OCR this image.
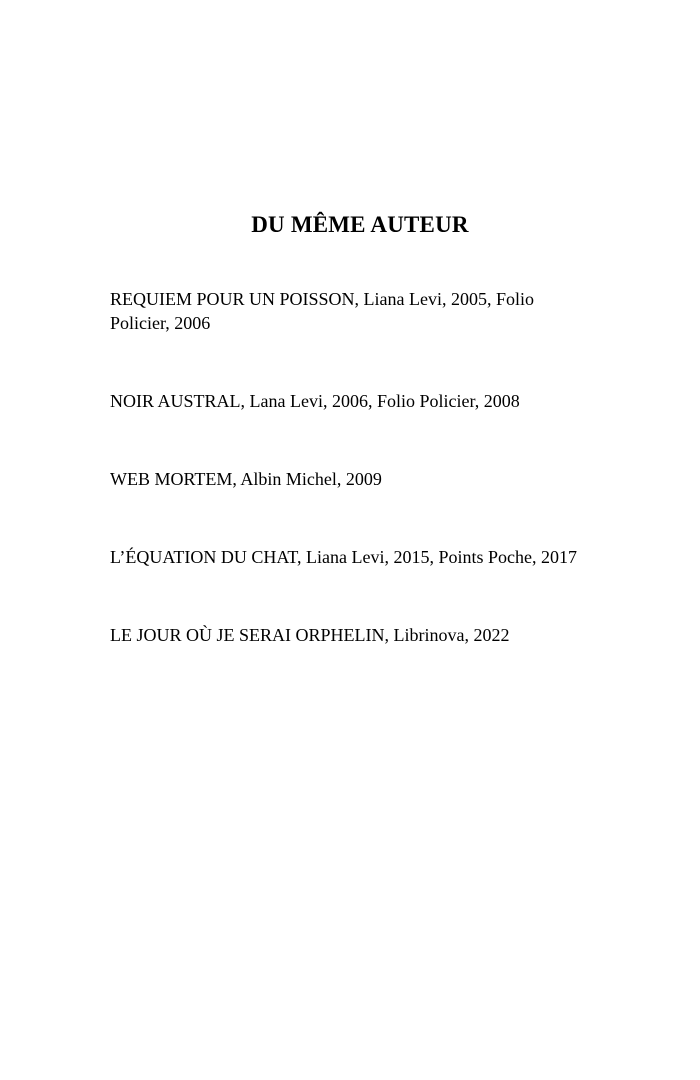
DU MÊME AUTEUR
REQUIEM POUR UN POISSON, Liana Levi, 2005, Folio Policier, 2006
NOIR AUSTRAL, Lana Levi, 2006, Folio Policier, 2008
WEB MORTEM, Albin Michel, 2009
L’ÉQUATION DU CHAT, Liana Levi, 2015, Points Poche, 2017
LE JOUR OÙ JE SERAI ORPHELIN, Librinova, 2022
